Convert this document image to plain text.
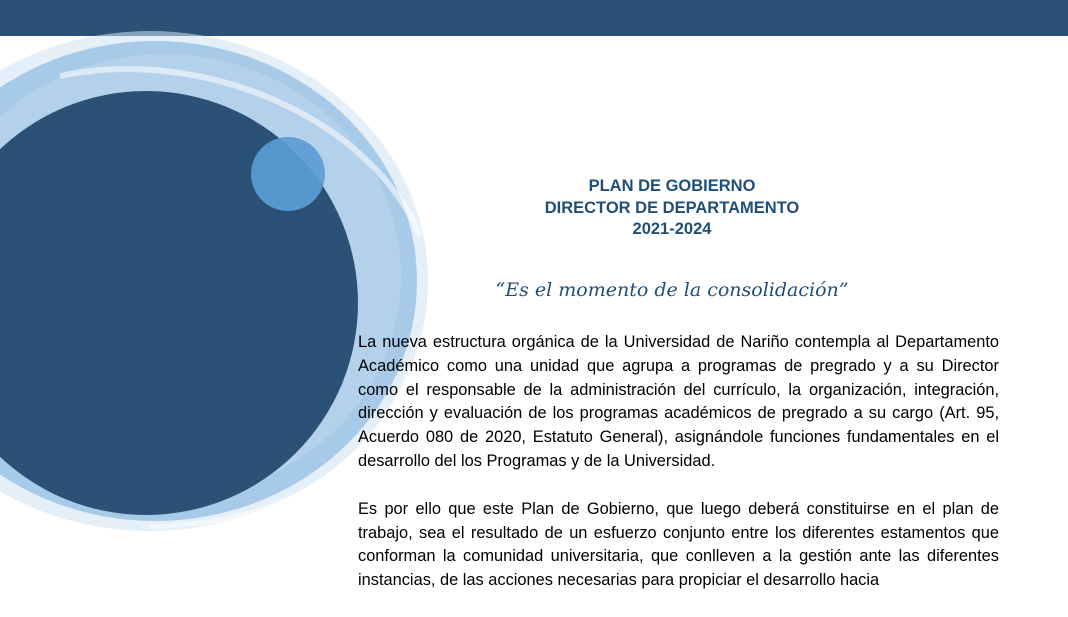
PLAN DE GOBIERNO
DIRECTOR DE DEPARTAMENTO
2021-2024
“Es el momento de la consolidación”

La nueva estructura orgánica de la Universidad de Nariño contempla al Departamento Académico como una unidad que agrupa a programas de pregrado y a su Director como el responsable de la administración del currículo, la organización, integración, dirección y evaluación de los programas académicos de pregrado a su cargo (Art. 95, Acuerdo 080 de 2020, Estatuto General), asignándole funciones fundamentales en el desarrollo del los Programas y de la Universidad.

Es por ello que este Plan de Gobierno, que luego deberá constituirse en el plan de trabajo, sea el resultado de un esfuerzo conjunto entre los diferentes estamentos que conforman la comunidad universitaria, que conlleven a la gestión ante las diferentes instancias, de las acciones necesarias para propiciar el desarrollo hacia
